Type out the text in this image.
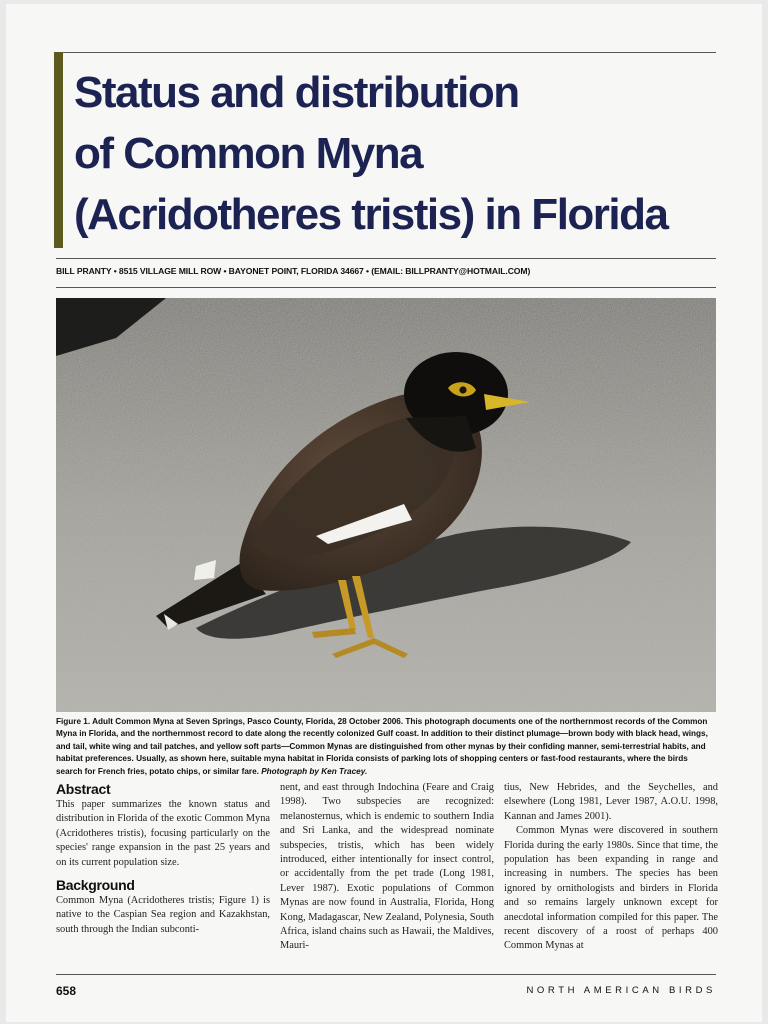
Status and distribution
of Common Myna
(Acridotheres tristis) in Florida
BILL PRANTY • 8515 VILLAGE MILL ROW • BAYONET POINT, FLORIDA 34667 • (EMAIL: BILLPRANTY@HOTMAIL.COM)

Figure 1. Adult Common Myna at Seven Springs, Pasco County, Florida, 28 October 2006. This photograph documents one of the northernmost records of the Common Myna in Florida, and the northernmost record to date along the recently colonized Gulf coast. In addition to their distinct plumage—brown body with black head, wings, and tail, white wing and tail patches, and yellow soft parts—Common Mynas are distinguished from other mynas by their confiding manner, semi-terrestrial habits, and habitat preferences. Usually, as shown here, suitable myna habitat in Florida consists of parking lots of shopping centers or fast-food restaurants, where the birds search for French fries, potato chips, or similar fare. Photograph by Ken Tracey.

Abstract

This paper summarizes the known status and distribution in Florida of the exotic Common Myna (Acridotheres tristis), focusing particularly on the species' range expansion in the past 25 years and on its current population size.

Background

Common Myna (Acridotheres tristis; Figure 1) is native to the Caspian Sea region and Kazakhstan, south through the Indian subconti-

nent, and east through Indochina (Feare and Craig 1998). Two subspecies are recognized: melanosternus, which is endemic to southern India and Sri Lanka, and the widespread nominate subspecies, tristis, which has been widely introduced, either intentionally for insect control, or accidentally from the pet trade (Long 1981, Lever 1987). Exotic populations of Common Mynas are now found in Australia, Florida, Hong Kong, Madagascar, New Zealand, Polynesia, South Africa, island chains such as Hawaii, the Maldives, Mauri-

tius, New Hebrides, and the Seychelles, and elsewhere (Long 1981, Lever 1987, A.O.U. 1998, Kannan and James 2001).

Common Mynas were discovered in southern Florida during the early 1980s. Since that time, the population has been expanding in range and increasing in numbers. The species has been ignored by ornithologists and birders in Florida and so remains largely unknown except for anecdotal information compiled for this paper. The recent discovery of a roost of perhaps 400 Common Mynas at

658	NORTH AMERICAN BIRDS
